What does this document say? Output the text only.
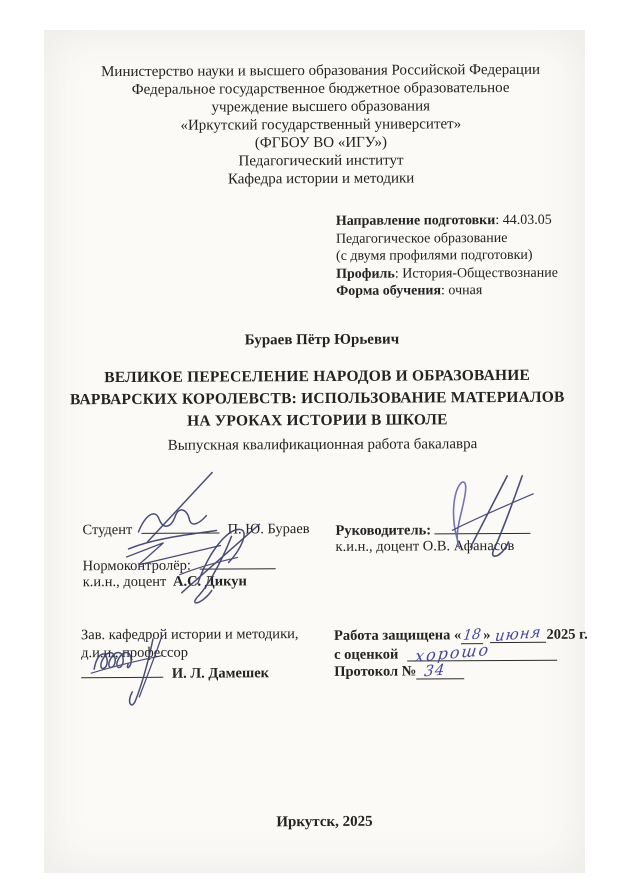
Министерство науки и высшего образования Российской Федерации
Федеральное государственное бюджетное образовательное
учреждение высшего образования
«Иркутский государственный университет»
(ФГБОУ ВО «ИГУ»)
Педагогический институт
Кафедра истории и методики
Направление подготовки: 44.03.05
Педагогическое образование
(с двумя профилями подготовки)
Профиль: История-Обществознание
Форма обучения: очная
Бураев Пётр Юрьевич
ВЕЛИКОЕ ПЕРЕСЕЛЕНИЕ НАРОДОВ И ОБРАЗОВАНИЕ
ВАРВАРСКИХ КОРОЛЕВСТВ: ИСПОЛЬЗОВАНИЕ МАТЕРИАЛОВ
НА УРОКАХ ИСТОРИИ В ШКОЛЕ
Выпускная квалификационная работа бакалавра
Студент	П. Ю. Бураев Руководитель:
к.и.н., доцент О.В. Афанасов
Нормоконтролёр:
к.и.н., доцент А.С. Дикун
Зав. кафедрой истории и методики,
д.и.н., профессор
И. Л. Дамешек
Работа защищена «18» июня 2025 г.
с оценкой хорошо
Протокол № 34
Иркутск, 2025
